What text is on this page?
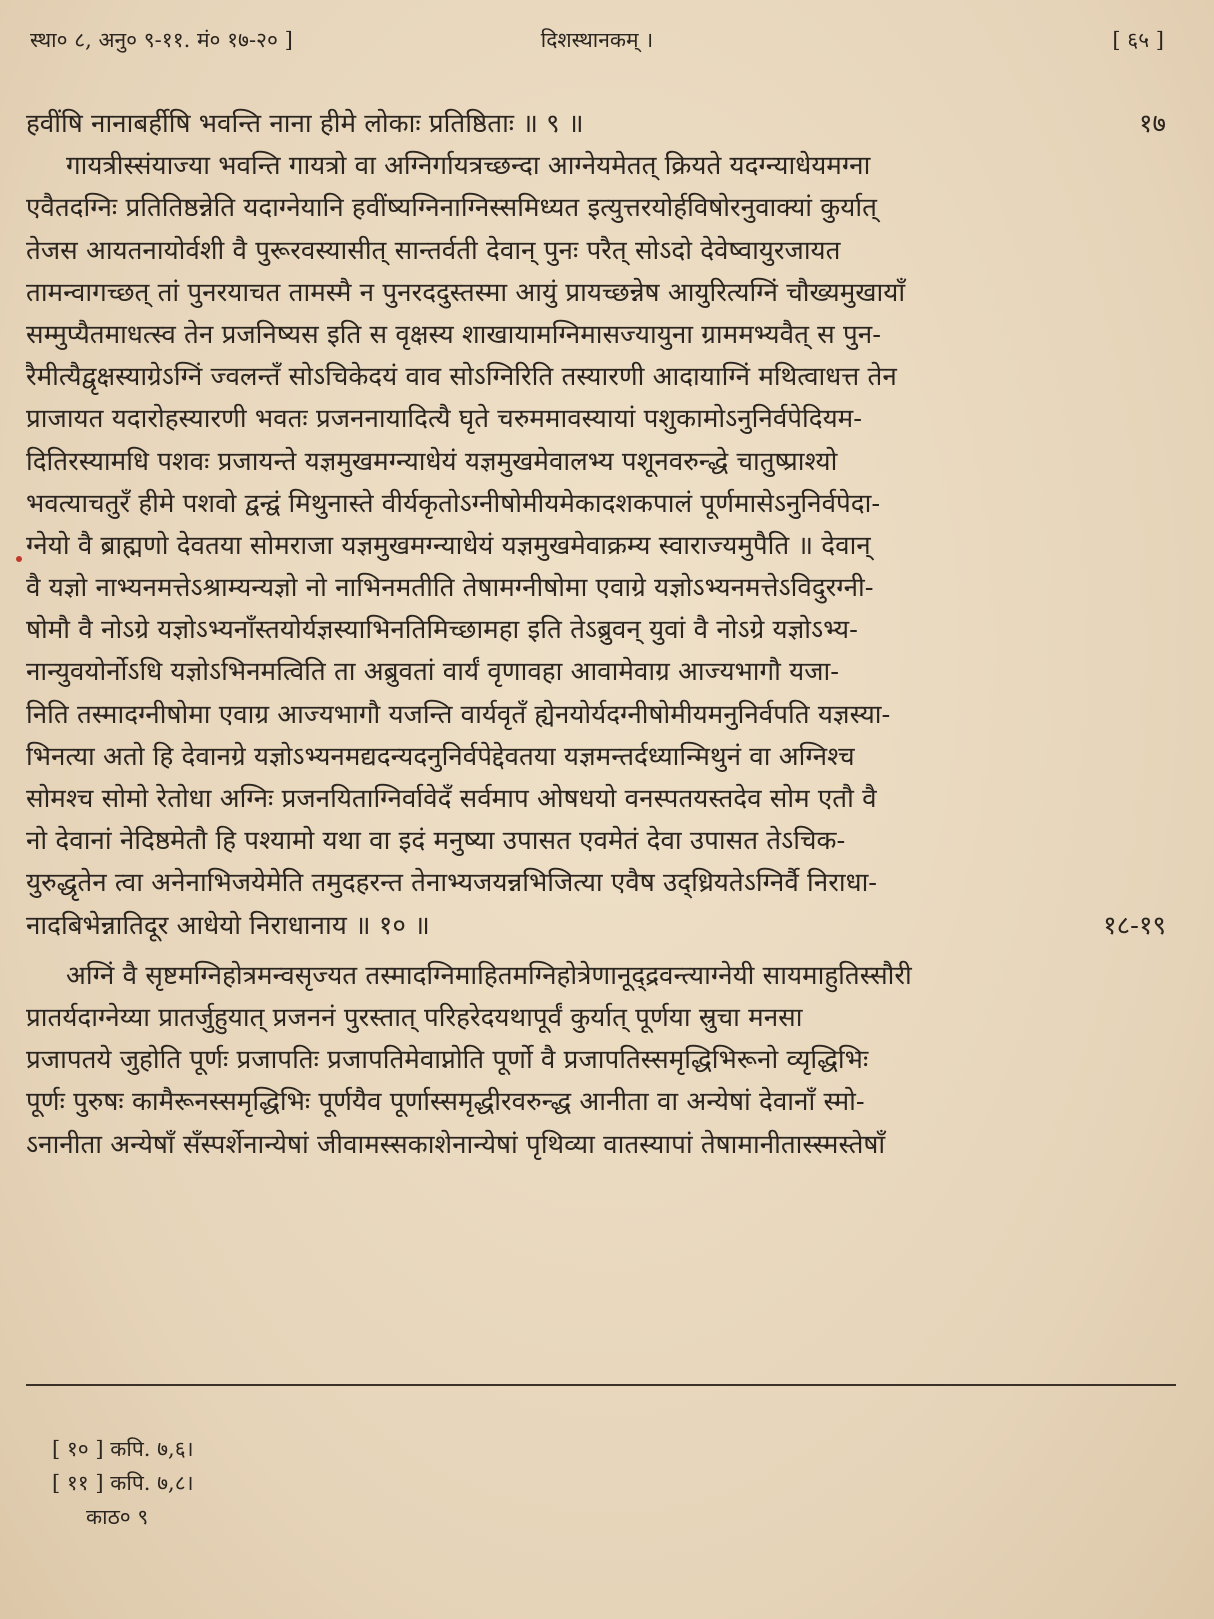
स्था० ८, अनु० ९-११. मं० १७-२० ]	दिशस्थानकम् ।	[ ६५ ]
हवींषि नानाबर्हीषि भवन्ति नाना हीमे लोकाः प्रतिष्ठिताः ॥ ९ ॥	१७
गायत्रीस्संयाज्या भवन्ति गायत्रो वा अग्निर्गायत्रच्छन्दा आग्नेयमेतत् क्रियते यदग्न्याधेयमग्ना
एवैतदग्निः प्रतितिष्ठन्नेति यदाग्नेयानि हवींष्यग्निनाग्निस्समिध्यत इत्युत्तरयोर्हविषोरनुवाक्यां कुर्यात्
तेजस आयतनायोर्वशी वै पुरूरवस्यासीत् सान्तर्वती देवान् पुनः परैत् सोऽदो देवेष्वायुरजायत
तामन्वागच्छत् तां पुनरयाचत तामस्मै न पुनरददुस्तस्मा आयुं प्रायच्छन्नेष आयुरित्यग्निं चौख्यमुखायाँ
सम्मुप्यैतमाधत्स्व तेन प्रजनिष्यस इति स वृक्षस्य शाखायामग्निमासज्यायुना ग्राममभ्यवैत् स पुन-
रैमीत्यैद्वृक्षस्याग्रेऽग्निं ज्वलन्तँ सोऽचिकेदयं वाव सोऽग्निरिति तस्यारणी आदायाग्निं मथित्वाधत्त तेन
प्राजायत यदारोहस्यारणी भवतः प्रजननायादित्यै घृते चरुममावस्यायां पशुकामोऽनुनिर्वपेदियम-
दितिरस्यामधि पशवः प्रजायन्ते यज्ञमुखमग्न्याधेयं यज्ञमुखमेवालभ्य पशूनवरुन्द्धे चातुष्प्राश्यो
भवत्याचतुरँ हीमे पशवो द्वन्द्वं मिथुनास्ते वीर्यकृतोऽग्नीषोमीयमेकादशकपालं पूर्णमासेऽनुनिर्वपेदा-
ग्नेयो वै ब्राह्मणो देवतया सोमराजा यज्ञमुखमग्न्याधेयं यज्ञमुखमेवाक्रम्य स्वाराज्यमुपैति ॥ देवान्
वै यज्ञो नाभ्यनमत्तेऽश्राम्यन्यज्ञो नो नाभिनमतीति तेषामग्नीषोमा एवाग्रे यज्ञोऽभ्यनमत्तेऽविदुरग्नी-
षोमौ वै नोऽग्रे यज्ञोऽभ्यनाँस्तयोर्यज्ञस्याभिनतिमिच्छामहा इति तेऽब्रुवन् युवां वै नोऽग्रे यज्ञोऽभ्य-
नान्युवयोर्नोऽधि यज्ञोऽभिनमत्विति ता अब्रुवतां वार्यं वृणावहा आवामेवाग्र आज्यभागौ यजा-
निति तस्मादग्नीषोमा एवाग्र आज्यभागौ यजन्ति वार्यवृतँ ह्येनयोर्यदग्नीषोमीयमनुनिर्वपति यज्ञस्या-
भिनत्या अतो हि देवानग्रे यज्ञोऽभ्यनमद्यदन्यदनुनिर्वपेद्देवतया यज्ञमन्तर्दध्यान्मिथुनं वा अग्निश्च
सोमश्च सोमो रेतोधा अग्निः प्रजनयिताग्निर्वावेदँ सर्वमाप ओषधयो वनस्पतयस्तदेव सोम एतौ वै
नो देवानां नेदिष्ठमेतौ हि पश्यामो यथा वा इदं मनुष्या उपासत एवमेतं देवा उपासत तेऽचिक-
युरुद्धृतेन त्वा अनेनाभिजयेमेति तमुदहरन्त तेनाभ्यजयन्नभिजित्या एवैष उद्ध्रियतेऽग्निर्वै निराधा-
नादबिभेन्नातिदूर आधेयो निराधानाय ॥ १० ॥	१८-१९
अग्निं वै सृष्टमग्निहोत्रमन्वसृज्यत तस्मादग्निमाहितमग्निहोत्रेणानूद्द्रवन्त्याग्नेयी सायमाहुतिस्सौरी
प्रातर्यदाग्नेय्या प्रातर्जुहुयात् प्रजननं पुरस्तात् परिहरेदयथापूर्वं कुर्यात् पूर्णया स्रुचा मनसा
प्रजापतये जुहोति पूर्णः प्रजापतिः प्रजापतिमेवाप्नोति पूर्णो वै प्रजापतिस्समृद्धिभिरूनो व्यृद्धिभिः
पूर्णः पुरुषः कामैरूनस्समृद्धिभिः पूर्णयैव पूर्णास्समृद्धीरवरुन्द्ध आनीता वा अन्येषां देवानाँ स्मो-
ऽनानीता अन्येषाँ सँस्पर्शेनान्येषां जीवामस्सकाशेनान्येषां पृथिव्या वातस्यापां तेषामानीतास्स्मस्तेषाँ
[ १० ] कपि. ७,६।
[ ११ ] कपि. ७,८।
काठ० ९
